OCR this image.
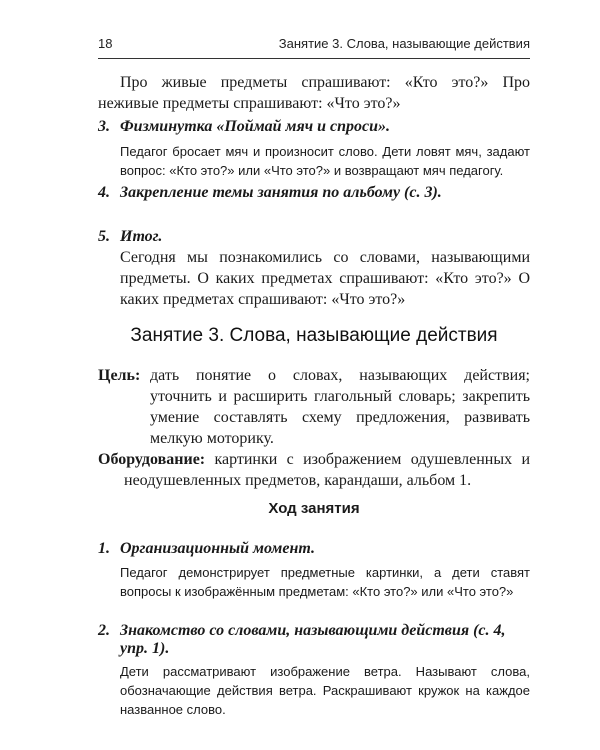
18	Занятие 3. Слова, называющие действия
Про живые предметы спрашивают: «Кто это?» Про неживые предметы спрашивают: «Что это?»
3. Физминутка «Поймай мяч и спроси».
Педагог бросает мяч и произносит слово. Дети ловят мяч, задают вопрос: «Кто это?» или «Что это?» и возвращают мяч педагогу.
4. Закрепление темы занятия по альбому (с. 3).
5. Итог.
Сегодня мы познакомились со словами, называющими предметы. О каких предметах спрашивают: «Кто это?» О каких предметах спрашивают: «Что это?»
Занятие 3. Слова, называющие действия
Цель: дать понятие о словах, называющих действия; уточнить и расширить глагольный словарь; закрепить умение составлять схему предложения, развивать мелкую моторику.
Оборудование: картинки с изображением одушевленных и неодушевленных предметов, карандаши, альбом 1.
Ход занятия
1. Организационный момент.
Педагог демонстрирует предметные картинки, а дети ставят вопросы к изображённым предметам: «Кто это?» или «Что это?»
2. Знакомство со словами, называющими действия (с. 4, упр. 1).
Дети рассматривают изображение ветра. Называют слова, обозначающие действия ветра. Раскрашивают кружок на каждое названное слово.
